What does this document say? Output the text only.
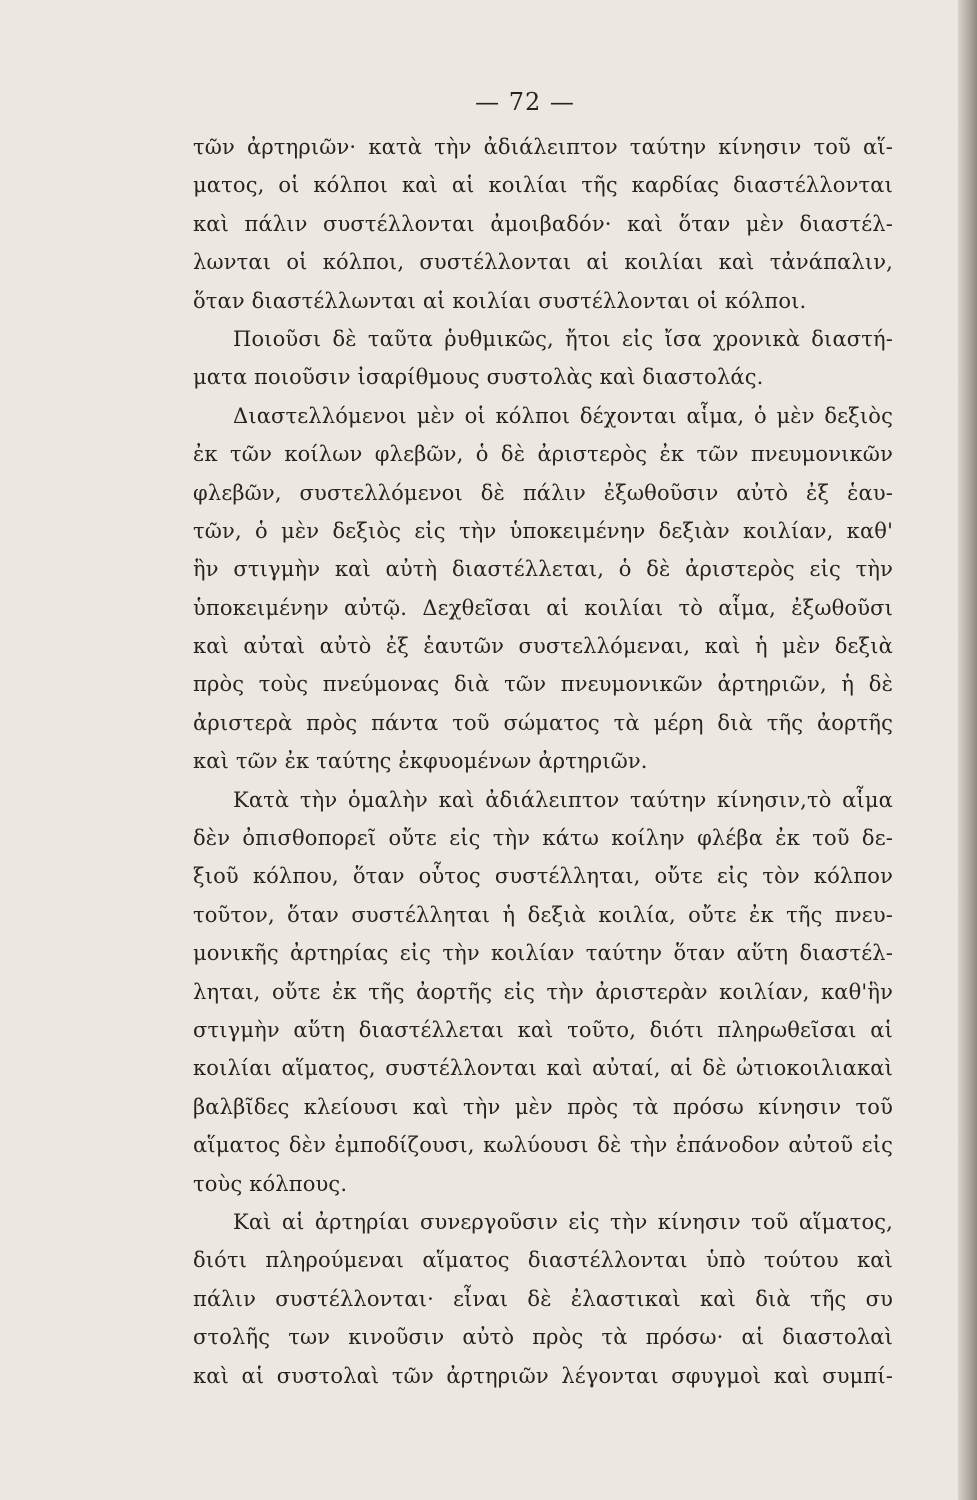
— 72 —
τῶν ἀρτηριῶν· κατὰ τὴν ἀδιάλειπτον ταύτην κίνησιν τοῦ αἵ-
ματος, οἱ κόλποι καὶ αἱ κοιλίαι τῆς καρδίας διαστέλλονται
καὶ πάλιν συστέλλονται ἀμοιβαδόν· καὶ ὅταν μὲν διαστέλ-
λωνται οἱ κόλποι, συστέλλονται αἱ κοιλίαι καὶ τἀνάπαλιν,
ὅταν διαστέλλωνται αἱ κοιλίαι συστέλλονται οἱ κόλποι.
Ποιοῦσι δὲ ταῦτα ῥυθμικῶς, ἤτοι εἰς ἴσα χρονικὰ διαστή-
ματα ποιοῦσιν ἰσαρίθμους συστολὰς καὶ διαστολάς.
Διαστελλόμενοι μὲν οἱ κόλποι δέχονται αἷμα, ὁ μὲν δεξιὸς
ἐκ τῶν κοίλων φλεβῶν, ὁ δὲ ἀριστερὸς ἐκ τῶν πνευμονικῶν
φλεβῶν, συστελλόμενοι δὲ πάλιν ἐξωθοῦσιν αὐτὸ ἐξ ἑαυ-
τῶν, ὁ μὲν δεξιὸς εἰς τὴν ὑποκειμένην δεξιὰν κοιλίαν, καθ'
ἣν στιγμὴν καὶ αὐτὴ διαστέλλεται, ὁ δὲ ἀριστερὸς εἰς τὴν
ὑποκειμένην αὐτῷ. Δεχθεῖσαι αἱ κοιλίαι τὸ αἷμα, ἐξωθοῦσι
καὶ αὐταὶ αὐτὸ ἐξ ἑαυτῶν συστελλόμεναι, καὶ ἡ μὲν δεξιὰ
πρὸς τοὺς πνεύμονας διὰ τῶν πνευμονικῶν ἀρτηριῶν, ἡ δὲ
ἀριστερὰ πρὸς πάντα τοῦ σώματος τὰ μέρη διὰ τῆς ἀορτῆς
καὶ τῶν ἐκ ταύτης ἐκφυομένων ἀρτηριῶν.
Κατὰ τὴν ὁμαλὴν καὶ ἀδιάλειπτον ταύτην κίνησιν,τὸ αἷμα
δὲν ὀπισθοπορεῖ οὔτε εἰς τὴν κάτω κοίλην φλέβα ἐκ τοῦ δε-
ξιοῦ κόλπου, ὅταν οὗτος συστέλληται, οὔτε εἰς τὸν κόλπον
τοῦτον, ὅταν συστέλληται ἡ δεξιὰ κοιλία, οὔτε ἐκ τῆς πνευ-
μονικῆς ἀρτηρίας εἰς τὴν κοιλίαν ταύτην ὅταν αὕτη διαστέλ-
ληται, οὔτε ἐκ τῆς ἀορτῆς εἰς τὴν ἀριστερὰν κοιλίαν, καθ'ἣν
στιγμὴν αὕτη διαστέλλεται καὶ τοῦτο, διότι πληρωθεῖσαι αἱ
κοιλίαι αἵματος, συστέλλονται καὶ αὐταί, αἱ δὲ ὠτιοκοιλιακαὶ
βαλβῖδες κλείουσι καὶ τὴν μὲν πρὸς τὰ πρόσω κίνησιν τοῦ
αἵματος δὲν ἐμποδίζουσι, κωλύουσι δὲ τὴν ἐπάνοδον αὐτοῦ εἰς
τοὺς κόλπους.
Καὶ αἱ ἀρτηρίαι συνεργοῦσιν εἰς τὴν κίνησιν τοῦ αἵματος,
διότι πληρούμεναι αἵματος διαστέλλονται ὑπὸ τούτου καὶ
πάλιν συστέλλονται· εἶναι δὲ ἐλαστικαὶ καὶ διὰ τῆς συ
στολῆς των κινοῦσιν αὐτὸ πρὸς τὰ πρόσω· αἱ διαστολαὶ
καὶ αἱ συστολαὶ τῶν ἀρτηριῶν λέγονται σφυγμοὶ καὶ συμπί-
